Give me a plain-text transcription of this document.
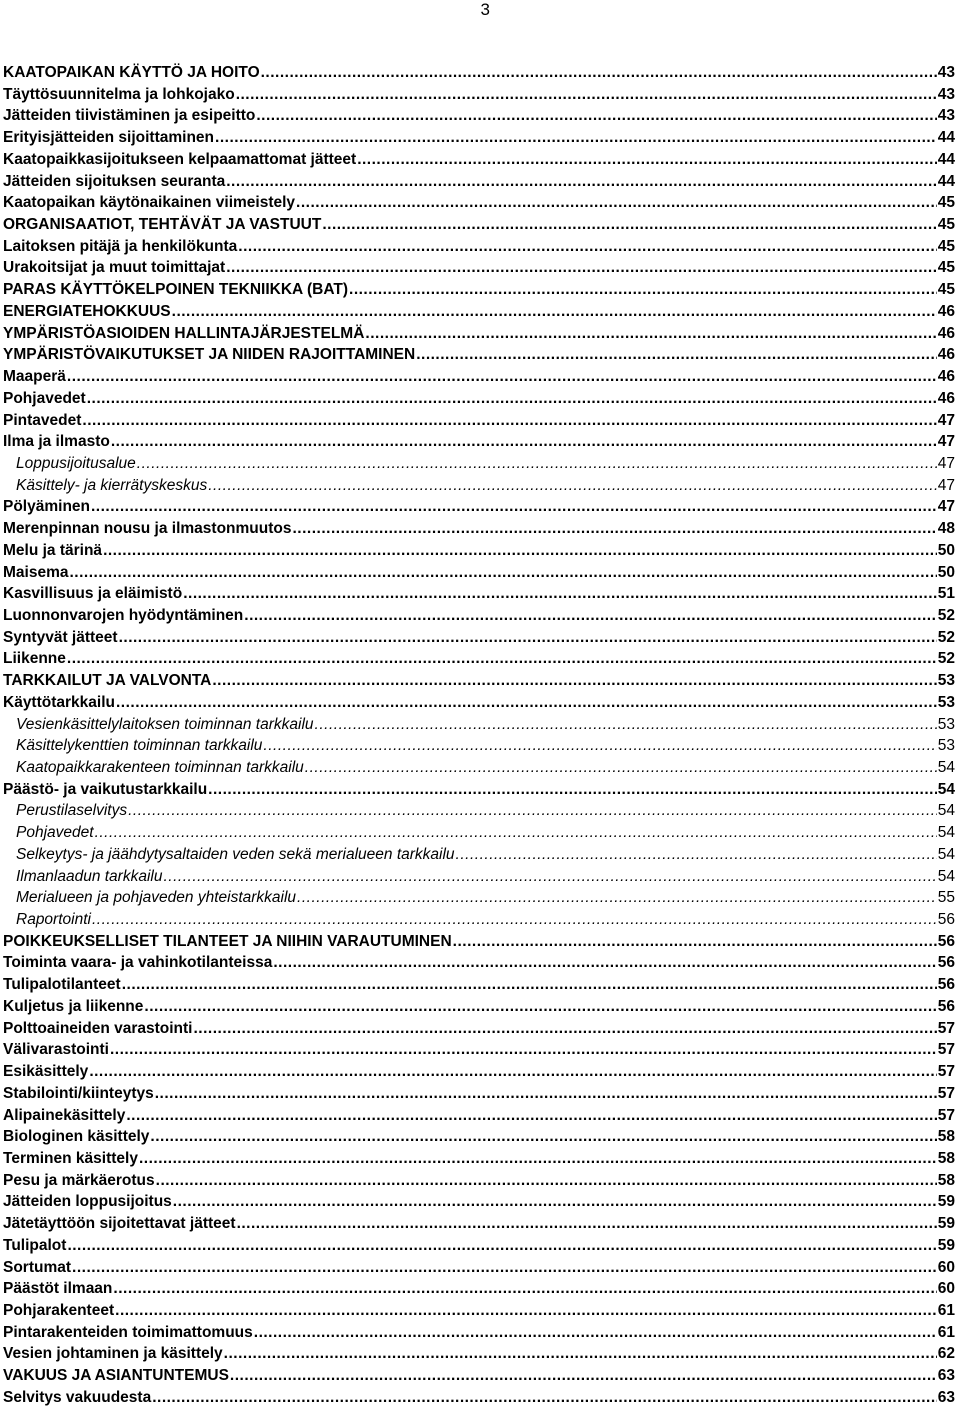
3
KAATOPAIKAN KÄYTTÖ JA HOITO .....	43
Täyttösuunnitelma ja lohkojako .....	43
Jätteiden tiivistäminen ja esipeitto .....	43
Erityisjätteiden sijoittaminen .....	44
Kaatopaikkasijoitukseen kelpaamattomat jätteet .....	44
Jätteiden sijoituksen seuranta .....	44
Kaatopaikan käytönaikainen viimeistely .....	45
ORGANISAATIOT, TEHTÄVÄT JA VASTUUT .....	45
Laitoksen pitäjä ja henkilökunta .....	45
Urakoitsijat ja muut toimittajat .....	45
PARAS KÄYTTÖKELPOINEN TEKNIIKKA (BAT) .....	45
ENERGIATEHOKKUUS .....	46
YMPÄRISTÖASIOIDEN HALLINTAJÄRJESTELMÄ .....	46
YMPÄRISTÖVAIKUTUKSET JA NIIDEN RAJOITTAMINEN .....	46
Maaperä .....	46
Pohjavedet .....	46
Pintavedet .....	47
Ilma ja ilmasto .....	47
Loppusijoitusalue .....	47
Käsittely- ja kierrätyskeskus .....	47
Pölyäminen .....	47
Merenpinnan nousu ja ilmastonmuutos .....	48
Melu ja tärinä .....	50
Maisema .....	50
Kasvillisuus ja eläimistö .....	51
Luonnonvarojen hyödyntäminen .....	52
Syntyvät jätteet .....	52
Liikenne .....	52
TARKKAILUT JA VALVONTA .....	53
Käyttötarkkailu .....	53
Vesienkäsittelylaitoksen toiminnan tarkkailu .....	53
Käsittelykenttien toiminnan tarkkailu .....	53
Kaatopaikkarakenteen toiminnan tarkkailu .....	54
Päästö- ja vaikutustarkkailu .....	54
Perustilaselvitys .....	54
Pohjavedet .....	54
Selkeytys- ja jäähdytysaltaiden veden sekä merialueen tarkkailu .....	54
Ilmanlaadun tarkkailu .....	54
Merialueen ja pohjaveden yhteistarkkailu .....	55
Raportointi .....	56
POIKKEUKSELLISET TILANTEET JA NIIHIN VARAUTUMINEN .....	56
Toiminta vaara- ja vahinkotilanteissa .....	56
Tulipalotilanteet .....	56
Kuljetus ja liikenne .....	56
Polttoaineiden varastointi .....	57
Välivarastointi .....	57
Esikäsittely .....	57
Stabilointi/kiinteytys .....	57
Alipainekäsittely .....	57
Biologinen käsittely .....	58
Terminen käsittely .....	58
Pesu ja märkäerotus .....	58
Jätteiden loppusijoitus .....	59
Jätetäyttöön sijoitettavat jätteet .....	59
Tulipalot .....	59
Sortumat .....	60
Päästöt ilmaan .....	60
Pohjarakenteet .....	61
Pintarakenteiden toimimattomuus .....	61
Vesien johtaminen ja käsittely .....	62
VAKUUS JA ASIANTUNTEMUS .....	63
Selvitys vakuudesta .....	63
